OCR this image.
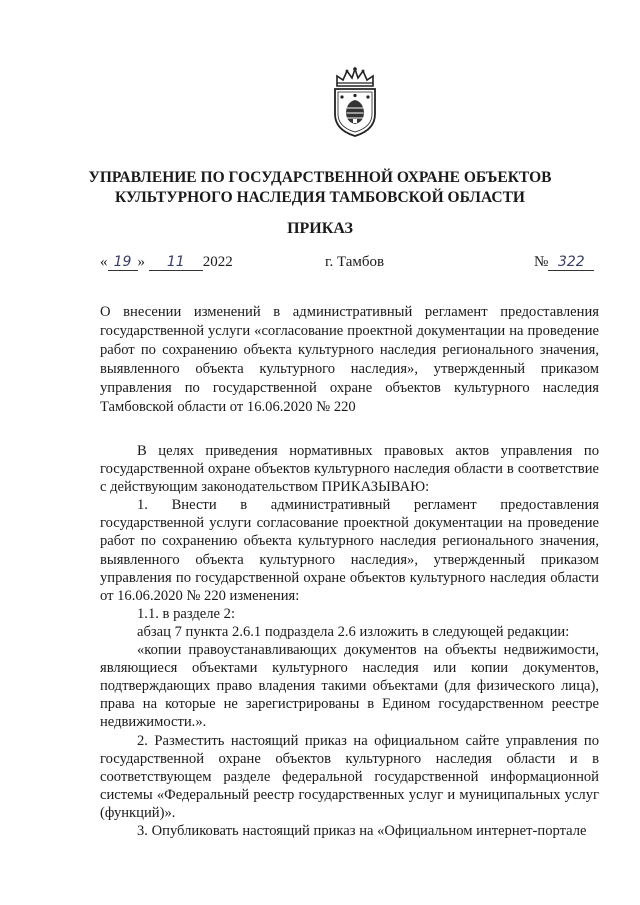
УПРАВЛЕНИЕ ПО ГОСУДАРСТВЕННОЙ ОХРАНЕ ОБЪЕКТОВ
КУЛЬТУРНОГО НАСЛЕДИЯ ТАМБОВСКОЙ ОБЛАСТИ
ПРИКАЗ
« 19 » 11 2022	г. Тамбов	№ 322
О внесении изменений в административный регламент предоставления государственной услуги «согласование проектной документации на проведение работ по сохранению объекта культурного наследия регионального значения, выявленного объекта культурного наследия», утвержденный приказом управления по государственной охране объектов культурного наследия Тамбовской области от 16.06.2020 № 220

В целях приведения нормативных правовых актов управления по государственной охране объектов культурного наследия области в соответствие с действующим законодательством ПРИКАЗЫВАЮ:

1. Внести в административный регламент предоставления государственной услуги согласование проектной документации на проведение работ по сохранению объекта культурного наследия регионального значения, выявленного объекта культурного наследия», утвержденный приказом управления по государственной охране объектов культурного наследия области от 16.06.2020 № 220 изменения:

1.1. в разделе 2:

абзац 7 пункта 2.6.1 подраздела 2.6 изложить в следующей редакции:

«копии правоустанавливающих документов на объекты недвижимости, являющиеся объектами культурного наследия или копии документов, подтверждающих право владения такими объектами (для физического лица), права на которые не зарегистрированы в Едином государственном реестре недвижимости.».

2. Разместить настоящий приказ на официальном сайте управления по государственной охране объектов культурного наследия области и в соответствующем разделе федеральной государственной информационной системы «Федеральный реестр государственных услуг и муниципальных услуг (функций)».

3. Опубликовать настоящий приказ на «Официальном интернет-портале
